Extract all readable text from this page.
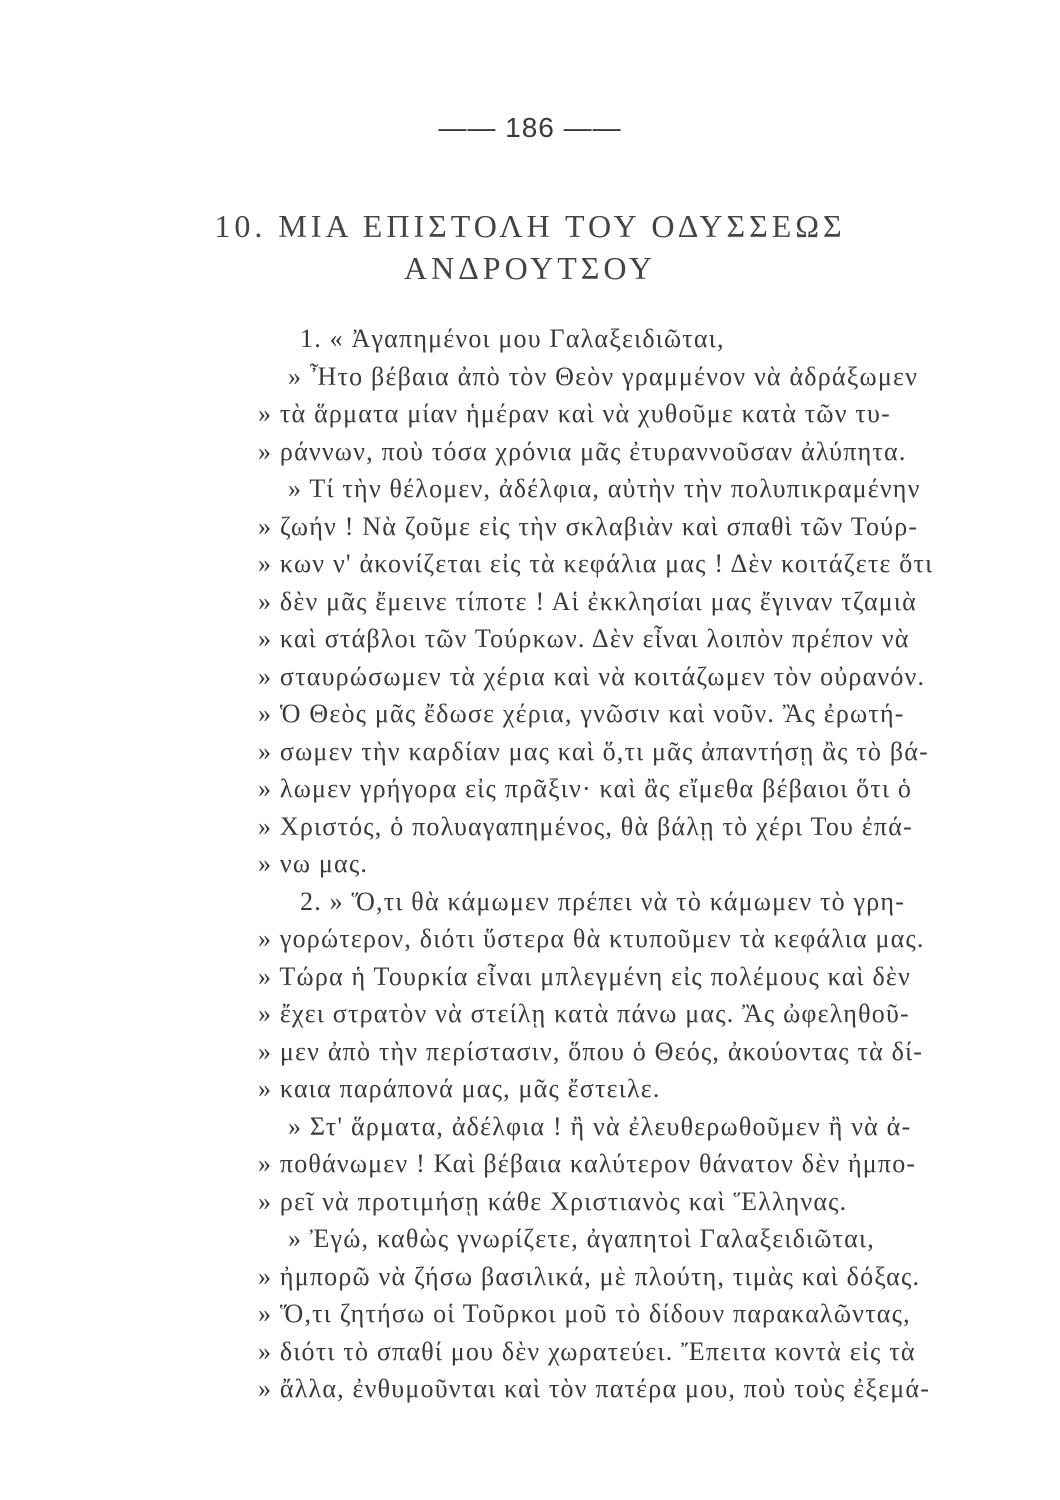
—— 186 ——
10. ΜΙΑ ΕΠΙΣΤΟΛΗ ΤΟΥ ΟΔΥΣΣΕΩΣ
ΑΝΔΡΟΥΤΣΟΥ
1. « Ἀγαπημένοι μου Γαλαξειδιῶται,
» Ἦτο βέβαια ἀπὸ τὸν Θεὸν γραμμένον νὰ ἀδράξωμεν
» τὰ ἅρματα μίαν ἡμέραν καὶ νὰ χυθοῦμε κατὰ τῶν τυ-
» ράννων, ποὺ τόσα χρόνια μᾶς ἐτυραννοῦσαν ἀλύπητα.
» Τί τὴν θέλομεν, ἀδέλφια, αὐτὴν τὴν πολυπικραμένην
» ζωήν ! Νὰ ζοῦμε εἰς τὴν σκλαβιὰν καὶ σπαθὶ τῶν Τούρ-
» κων ν' ἀκονίζεται εἰς τὰ κεφάλια μας ! Δὲν κοιτάζετε ὅτι
» δὲν μᾶς ἔμεινε τίποτε ! Αἱ ἐκκλησίαι μας ἔγιναν τζαμιὰ
» καὶ στάβλοι τῶν Τούρκων. Δὲν εἶναι λοιπὸν πρέπον νὰ
» σταυρώσωμεν τὰ χέρια καὶ νὰ κοιτάζωμεν τὸν οὐρανόν.
» Ὁ Θεὸς μᾶς ἔδωσε χέρια, γνῶσιν καὶ νοῦν. Ἂς ἐρωτή-
» σωμεν τὴν καρδίαν μας καὶ ὅ,τι μᾶς ἀπαντήσῃ ἂς τὸ βά-
» λωμεν γρήγορα εἰς πρᾶξιν· καὶ ἂς εἴμεθα βέβαιοι ὅτι ὁ
» Χριστός, ὁ πολυαγαπημένος, θὰ βάλῃ τὸ χέρι Του ἐπά-
» νω μας.
2. » Ὅ,τι θὰ κάμωμεν πρέπει νὰ τὸ κάμωμεν τὸ γρη-
» γορώτερον, διότι ὕστερα θὰ κτυποῦμεν τὰ κεφάλια μας.
» Τώρα ἡ Τουρκία εἶναι μπλεγμένη εἰς πολέμους καὶ δὲν
» ἔχει στρατὸν νὰ στείλῃ κατὰ πάνω μας. Ἂς ὠφεληθοῦ-
» μεν ἀπὸ τὴν περίστασιν, ὅπου ὁ Θεός, ἀκούοντας τὰ δί-
» καια παράπονά μας, μᾶς ἔστειλε.
» Στ' ἅρματα, ἀδέλφια ! ἢ νὰ ἐλευθερωθοῦμεν ἢ νὰ ἀ-
» ποθάνωμεν ! Καὶ βέβαια καλύτερον θάνατον δὲν ἠμπο-
» ρεῖ νὰ προτιμήσῃ κάθε Χριστιανὸς καὶ Ἕλληνας.
» Ἐγώ, καθὼς γνωρίζετε, ἀγαπητοὶ Γαλαξειδιῶται,
» ἠμπορῶ νὰ ζήσω βασιλικά, μὲ πλούτη, τιμὰς καὶ δόξας.
» Ὅ,τι ζητήσω οἱ Τοῦρκοι μοῦ τὸ δίδουν παρακαλῶντας,
» διότι τὸ σπαθί μου δὲν χωρατεύει. Ἔπειτα κοντὰ εἰς τὰ
» ἄλλα, ἐνθυμοῦνται καὶ τὸν πατέρα μου, ποὺ τοὺς ἐξεμά-
